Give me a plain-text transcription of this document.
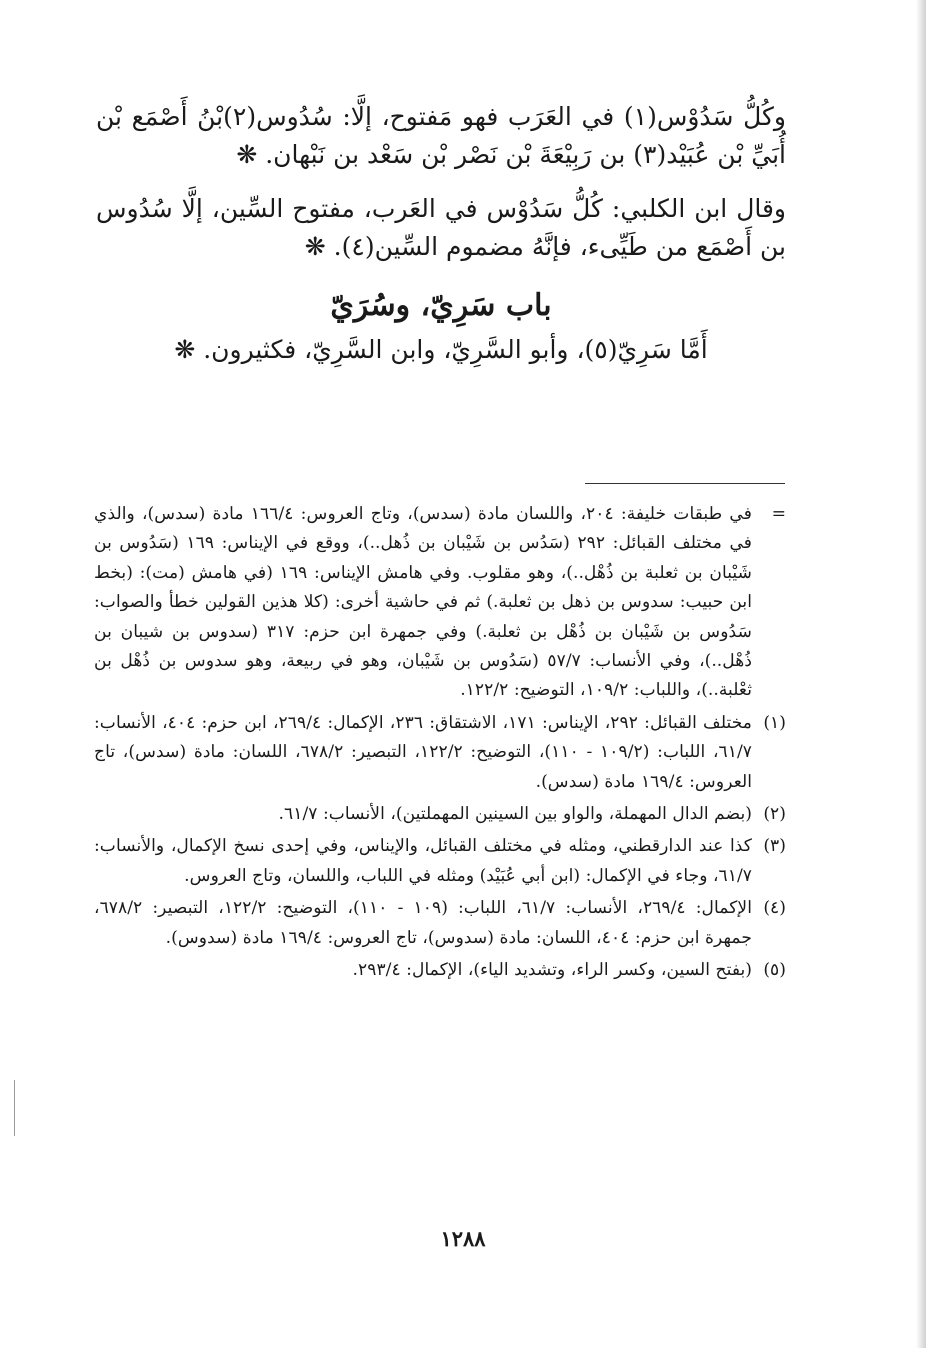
وكُلُّ سَدُوْس(١) في العَرَب فهو مَفتوح، إلَّا: سُدُوس(٢)بْنُ أَصْمَع بْن أُبَيِّ بْن عُبَيْد(٣) بن رَبِيْعَةَ بْن نَصْر بْن سَعْد بن نَبْهان. ❋

وقال ابن الكلبي: كُلُّ سَدُوْس في العَرب، مفتوح السِّين، إلَّا سُدُوس بن أَصْمَع من طَيِّىء، فإنَّهُ مضموم السِّين(٤). ❋

باب سَرِيّ، وسُرَيّ
أَمَّا سَرِيّ(٥)، وأبو السَّرِيّ، وابن السَّرِيّ، فكثيرون. ❋
=
في طبقات خليفة: ٢٠٤، واللسان مادة (سدس)، وتاج العروس: ١٦٦/٤ مادة (سدس)، والذي في مختلف القبائل: ٢٩٢ (سَدُس بن شَيْبان بن ذُهل..)، ووقع في الإيناس: ١٦٩ (سَدُوس بن شَيْبان بن ثعلبة بن ذُهْل..)، وهو مقلوب. وفي هامش الإيناس: ١٦٩ (في هامش (مت): (بخط ابن حبيب: سدوس بن ذهل بن ثعلبة.) ثم في حاشية أخرى: (كلا هذين القولين خطأ والصواب: سَدُوس بن شَيْبان بن ذُهْل بن ثعلبة.) وفي جمهرة ابن حزم: ٣١٧ (سدوس بن شيبان بن ذُهْل..)، وفي الأنساب: ٥٧/٧ (سَدُوس بن شَيْبان، وهو في ربيعة، وهو سدوس بن ذُهْل بن ثعْلبة..)، واللباب: ١٠٩/٢، التوضيح: ١٢٢/٢.
(١)
مختلف القبائل: ٢٩٢، الإيناس: ١٧١، الاشتقاق: ٢٣٦، الإكمال: ٢٦٩/٤، ابن حزم: ٤٠٤، الأنساب: ٦١/٧، اللباب: (١٠٩/٢ - ١١٠)، التوضيح: ١٢٢/٢، التبصير: ٦٧٨/٢، اللسان: مادة (سدس)، تاج العروس: ١٦٩/٤ مادة (سدس).
(٢)
(بضم الدال المهملة، والواو بين السينين المهملتين)، الأنساب: ٦١/٧.
(٣)
كذا عند الدارقطني، ومثله في مختلف القبائل، والإيناس، وفي إحدى نسخ الإكمال، والأنساب: ٦١/٧، وجاء في الإكمال: (ابن أبي عُبَيْد) ومثله في اللباب، واللسان، وتاج العروس.
(٤)
الإكمال: ٢٦٩/٤، الأنساب: ٦١/٧، اللباب: (١٠٩ - ١١٠)، التوضيح: ١٢٢/٢، التبصير: ٦٧٨/٢، جمهرة ابن حزم: ٤٠٤، اللسان: مادة (سدوس)، تاج العروس: ١٦٩/٤ مادة (سدوس).
(٥)
(بفتح السين، وكسر الراء، وتشديد الياء)، الإكمال: ٢٩٣/٤.
١٢٨٨
